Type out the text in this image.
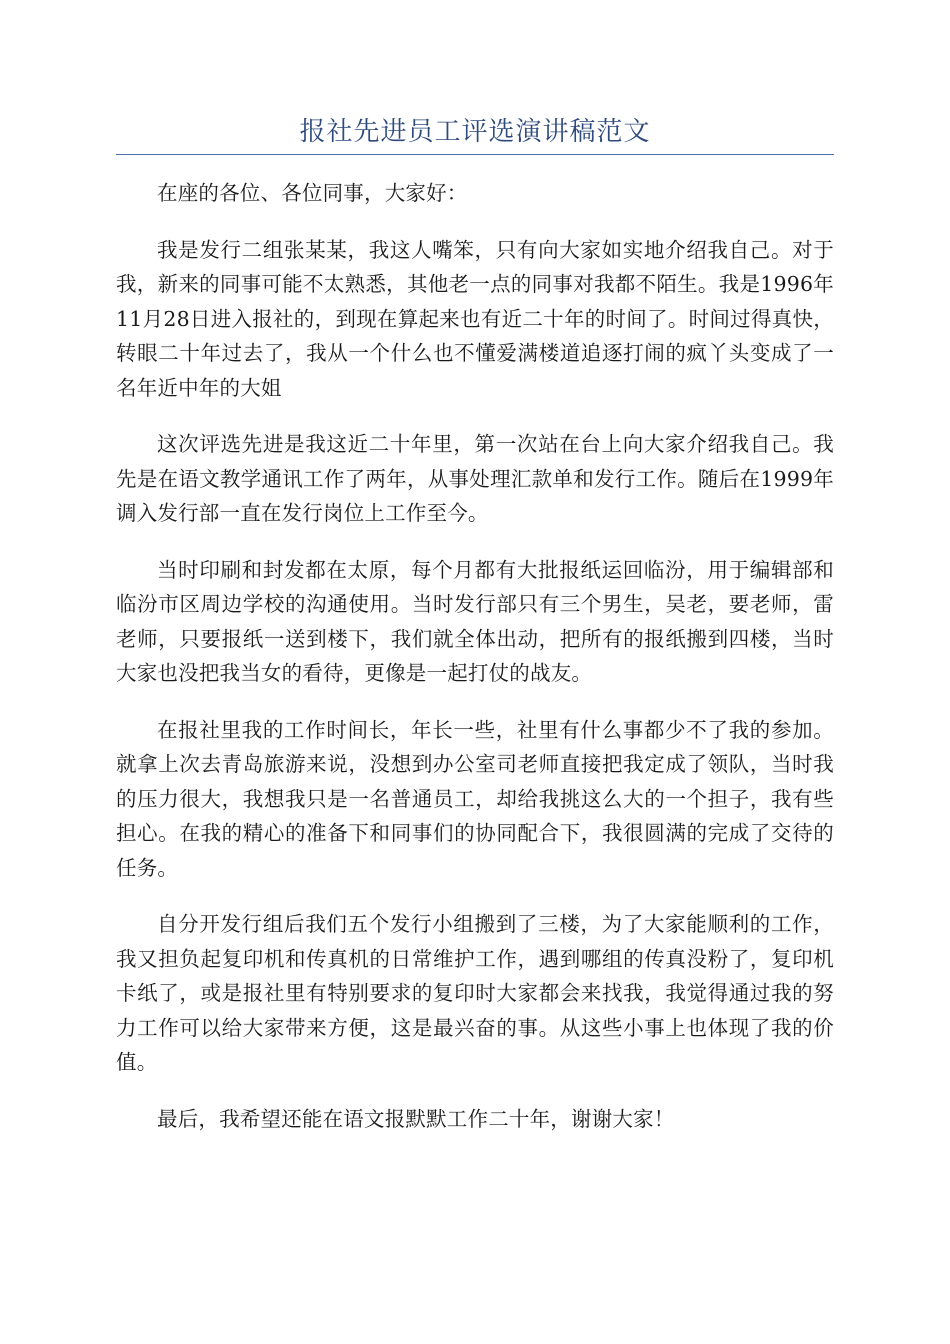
报社先进员工评选演讲稿范文

在座的各位、各位同事，大家好：

我是发行二组张某某，我这人嘴笨，只有向大家如实地介绍我自己。对于我，新来的同事可能不太熟悉，其他老一点的同事对我都不陌生。我是1996年11月28日进入报社的，到现在算起来也有近二十年的时间了。时间过得真快，转眼二十年过去了，我从一个什么也不懂爱满楼道追逐打闹的疯丫头变成了一名年近中年的大姐

这次评选先进是我这近二十年里，第一次站在台上向大家介绍我自己。我先是在语文教学通讯工作了两年，从事处理汇款单和发行工作。随后在1999年调入发行部一直在发行岗位上工作至今。

当时印刷和封发都在太原，每个月都有大批报纸运回临汾，用于编辑部和临汾市区周边学校的沟通使用。当时发行部只有三个男生，吴老，要老师，雷老师，只要报纸一送到楼下，我们就全体出动，把所有的报纸搬到四楼，当时大家也没把我当女的看待，更像是一起打仗的战友。

在报社里我的工作时间长，年长一些，社里有什么事都少不了我的参加。就拿上次去青岛旅游来说，没想到办公室司老师直接把我定成了领队，当时我的压力很大，我想我只是一名普通员工，却给我挑这么大的一个担子，我有些担心。在我的精心的准备下和同事们的协同配合下，我很圆满的完成了交待的任务。

自分开发行组后我们五个发行小组搬到了三楼，为了大家能顺利的工作，我又担负起复印机和传真机的日常维护工作，遇到哪组的传真没粉了，复印机卡纸了，或是报社里有特别要求的复印时大家都会来找我，我觉得通过我的努力工作可以给大家带来方便，这是最兴奋的事。从这些小事上也体现了我的价值。

最后，我希望还能在语文报默默工作二十年，谢谢大家！
